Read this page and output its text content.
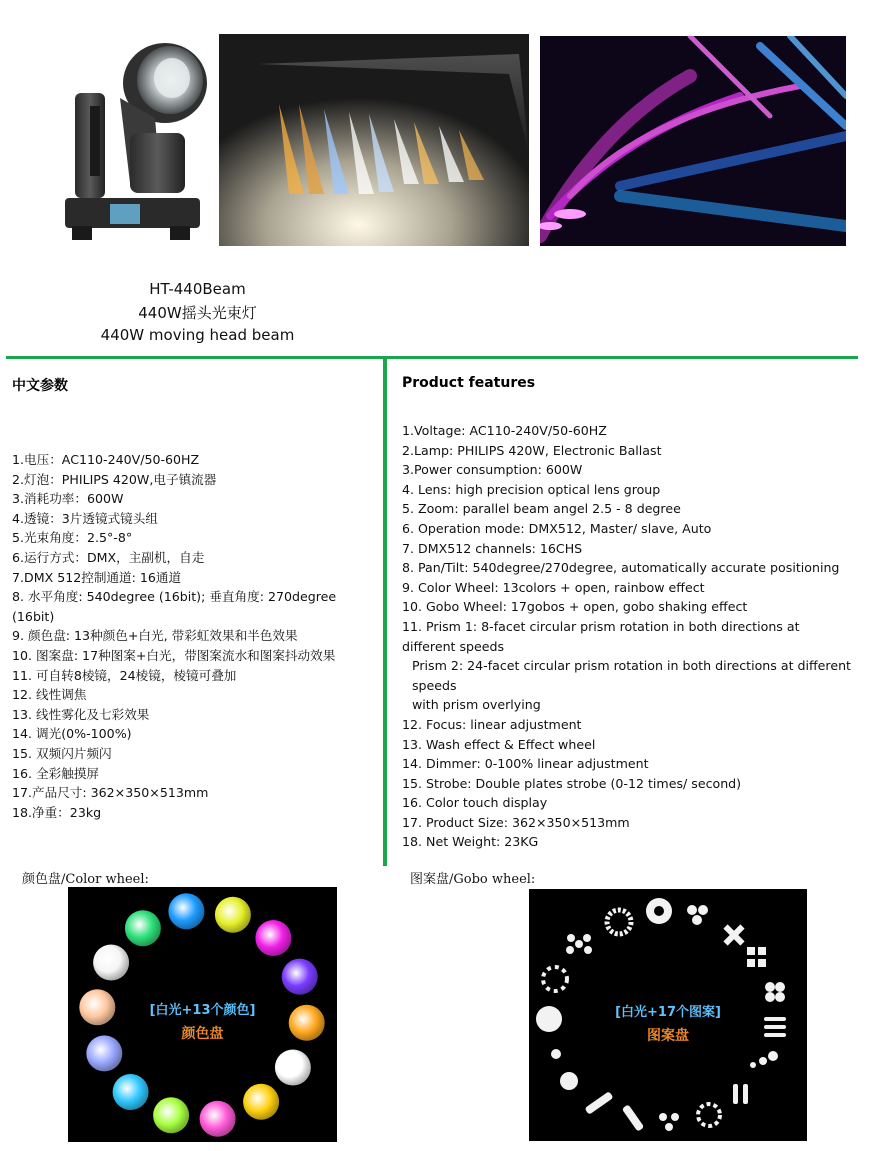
HT-440Beam
440W摇头光束灯
440W moving head beam
中文参数	Product features
1.电压：AC110-240V/50-60HZ
2.灯泡：PHILIPS 420W,电子镇流器
3.消耗功率：600W
4.透镜：3片透镜式镜头组
5.光束角度：2.5°-8°
6.运行方式：DMX，主副机，自走
7.DMX 512控制通道: 16通道
8. 水平角度: 540degree (16bit); 垂直角度: 270degree (16bit)
9. 颜色盘: 13种颜色+白光, 带彩虹效果和半色效果
10. 图案盘: 17种图案+白光，带图案流水和图案抖动效果
11. 可自转8棱镜，24棱镜，棱镜可叠加
12. 线性调焦
13. 线性雾化及七彩效果
14. 调光(0%-100%)
15. 双频闪片频闪
16. 全彩触摸屏
17.产品尺寸: 362×350×513mm
18.净重：23kg
1.Voltage: AC110-240V/50-60HZ
2.Lamp: PHILIPS 420W, Electronic Ballast
3.Power consumption: 600W
4. Lens: high precision optical lens group
5. Zoom: parallel beam angel 2.5 - 8 degree
6. Operation mode: DMX512, Master/ slave, Auto
7. DMX512 channels: 16CHS
8. Pan/Tilt: 540degree/270degree, automatically accurate positioning
9. Color Wheel: 13colors + open, rainbow effect
10. Gobo Wheel: 17gobos + open, gobo shaking effect
11. Prism 1: 8-facet circular prism rotation in both directions at different speeds
Prism 2: 24-facet circular prism rotation in both directions at different speeds
with prism overlying
12. Focus: linear adjustment
13. Wash effect & Effect wheel
14. Dimmer: 0-100% linear adjustment
15. Strobe: Double plates strobe (0-12 times/ second)
16. Color touch display
17. Product Size: 362×350×513mm
18. Net Weight: 23KG
颜色盘/Color wheel:	图案盘/Gobo wheel:
[白光+13个颜色]
颜色盘
[白光+17个图案]
图案盘
